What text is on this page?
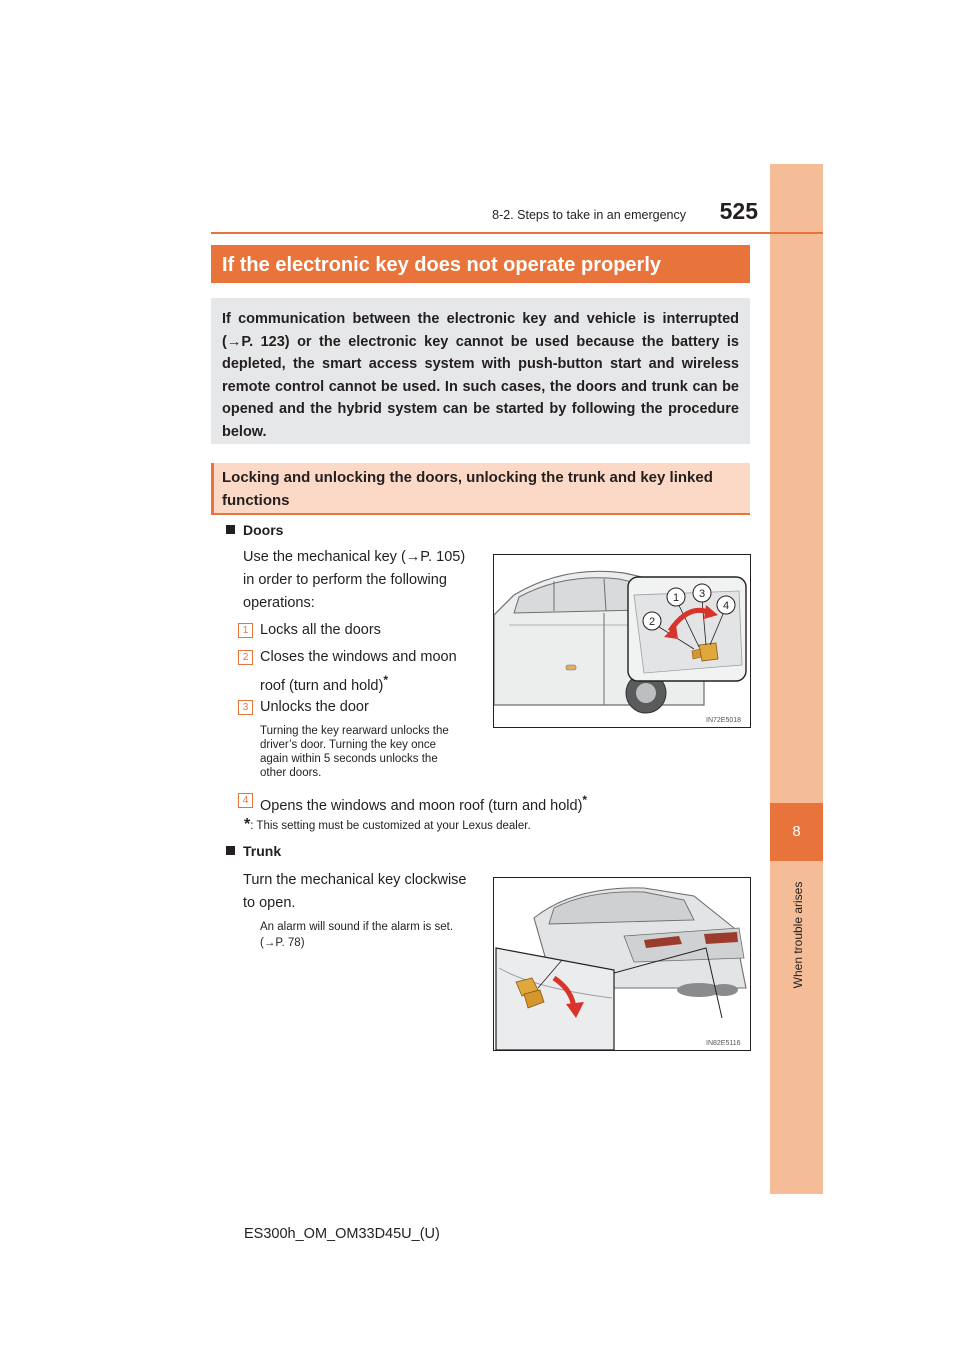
8
When trouble arises
8-2. Steps to take in an emergency	525
If the electronic key does not operate properly
If communication between the electronic key and vehicle is interrupted (→P. 123) or the electronic key cannot be used because the battery is depleted, the smart access system with push-button start and wireless remote control cannot be used. In such cases, the doors and trunk can be opened and the hybrid system can be started by following the procedure below.
Locking and unlocking the doors, unlocking the trunk and key linked functions
Doors
Use the mechanical key (→P. 105)
in order to perform the following
operations:
1 Locks all the doors
2 Closes the windows and moon
roof (turn and hold)*
3 Unlocks the door
Turning the key rearward unlocks the
driver’s door. Turning the key once
again within 5 seconds unlocks the
other doors.
4 Opens the windows and moon roof (turn and hold)*
*: This setting must be customized at your Lexus dealer.
1 3
4
2
IN72E5018
Trunk
Turn the mechanical key clockwise
to open.
An alarm will sound if the alarm is set.
(→P. 78)
IN82E5116
ES300h_OM_OM33D45U_(U)
